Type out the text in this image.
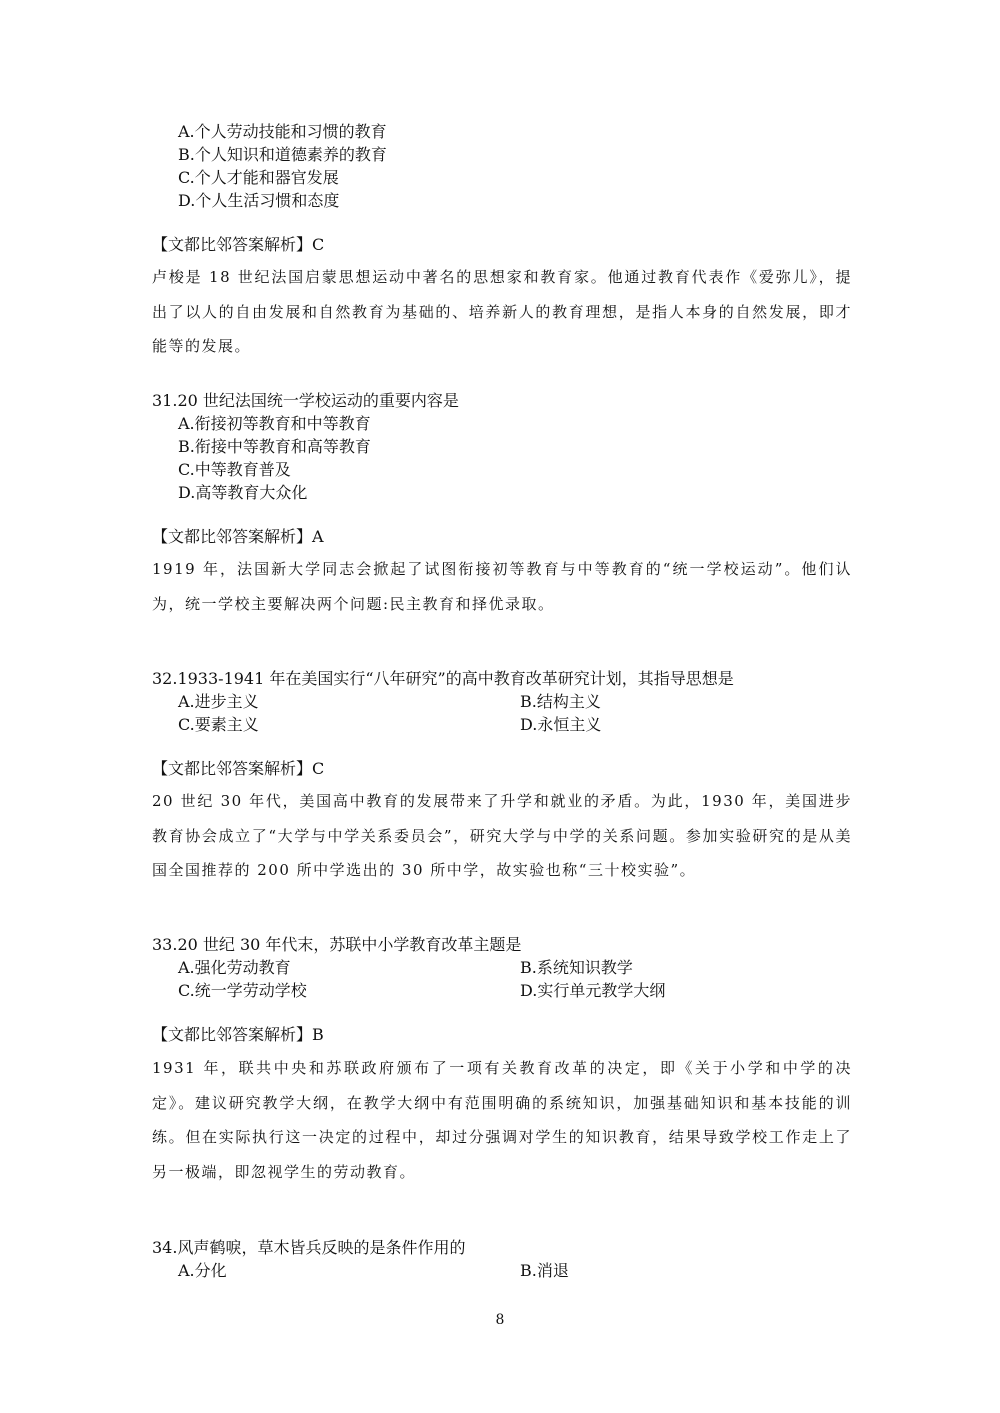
A.个人劳动技能和习惯的教育
B.个人知识和道德素养的教育
C.个人才能和器官发展
D.个人生活习惯和态度
【文都比邻答案解析】C
卢梭是 18 世纪法国启蒙思想运动中著名的思想家和教育家。他通过教育代表作《爱弥儿》，提出了以人的自由发展和自然教育为基础的、培养新人的教育理想，是指人本身的自然发展，即才能等的发展。
31.20 世纪法国统一学校运动的重要内容是
A.衔接初等教育和中等教育
B.衔接中等教育和高等教育
C.中等教育普及
D.高等教育大众化
【文都比邻答案解析】A
1919 年，法国新大学同志会掀起了试图衔接初等教育与中等教育的“统一学校运动”。他们认为，统一学校主要解决两个问题:民主教育和择优录取。
32.1933-1941 年在美国实行“八年研究”的高中教育改革研究计划，其指导思想是
A.进步主义	B.结构主义
C.要素主义	D.永恒主义
【文都比邻答案解析】C
20 世纪 30 年代，美国高中教育的发展带来了升学和就业的矛盾。为此，1930 年，美国进步教育协会成立了“大学与中学关系委员会”，研究大学与中学的关系问题。参加实验研究的是从美国全国推荐的 200 所中学选出的 30 所中学，故实验也称“三十校实验”。
33.20 世纪 30 年代末，苏联中小学教育改革主题是
A.强化劳动教育	B.系统知识教学
C.统一学劳动学校	D.实行单元教学大纲
【文都比邻答案解析】B
1931 年，联共中央和苏联政府颁布了一项有关教育改革的决定，即《关于小学和中学的决定》。建议研究教学大纲，在教学大纲中有范围明确的系统知识，加强基础知识和基本技能的训练。但在实际执行这一决定的过程中，却过分强调对学生的知识教育，结果导致学校工作走上了另一极端，即忽视学生的劳动教育。
34.风声鹤唳，草木皆兵反映的是条件作用的
A.分化	B.消退
8
